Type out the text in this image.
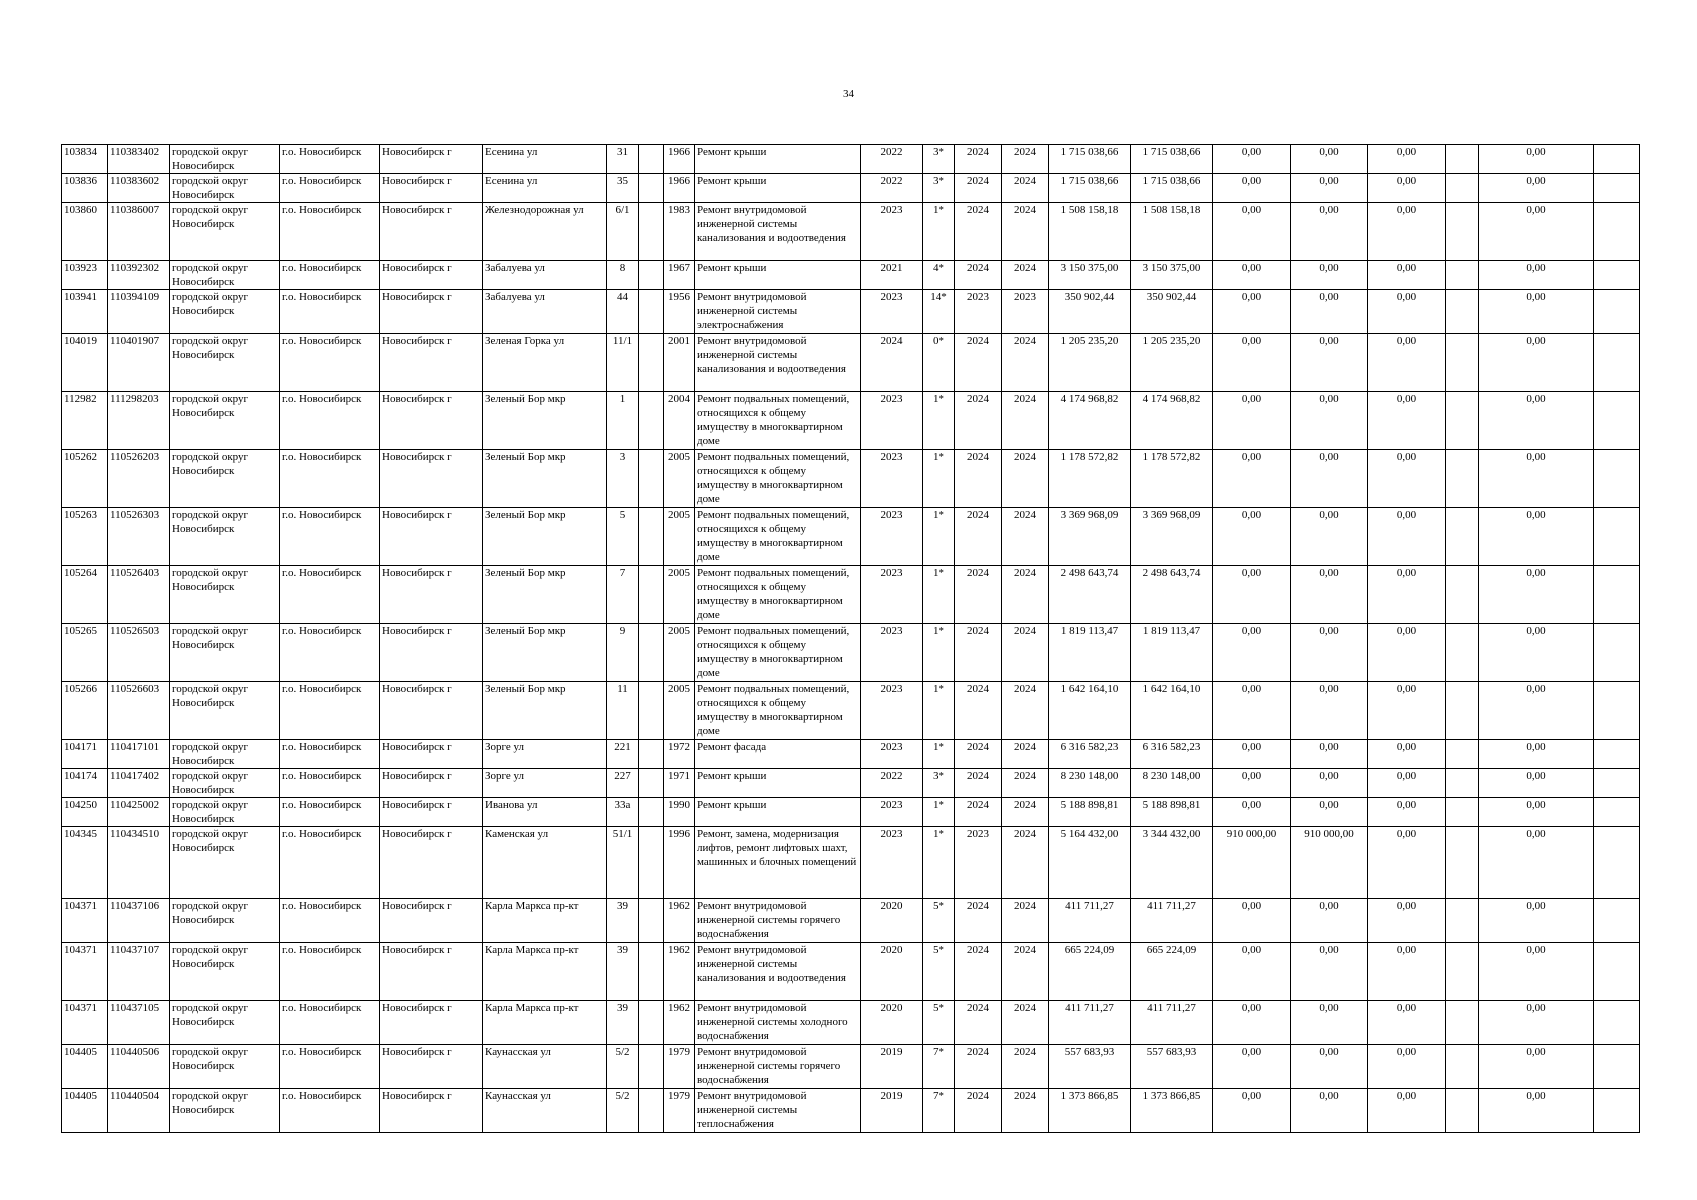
34
103834	110383402	городской округ Новосибирск	г.о. Новосибирск	Новосибирск г	Есенина ул	31		1966	Ремонт крыши	2022	3*	2024	2024	1 715 038,66	1 715 038,66	0,00	0,00	0,00		0,00	
103836	110383602	городской округ Новосибирск	г.о. Новосибирск	Новосибирск г	Есенина ул	35		1966	Ремонт крыши	2022	3*	2024	2024	1 715 038,66	1 715 038,66	0,00	0,00	0,00		0,00	
103860	110386007	городской округ Новосибирск	г.о. Новосибирск	Новосибирск г	Железнодорожная ул	6/1		1983	Ремонт внутридомовой инженерной системы канализования и водоотведения	2023	1*	2024	2024	1 508 158,18	1 508 158,18	0,00	0,00	0,00		0,00	
103923	110392302	городской округ Новосибирск	г.о. Новосибирск	Новосибирск г	Забалуева ул	8		1967	Ремонт крыши	2021	4*	2024	2024	3 150 375,00	3 150 375,00	0,00	0,00	0,00		0,00	
103941	110394109	городской округ Новосибирск	г.о. Новосибирск	Новосибирск г	Забалуева ул	44		1956	Ремонт внутридомовой инженерной системы электроснабжения	2023	14*	2023	2023	350 902,44	350 902,44	0,00	0,00	0,00		0,00	
104019	110401907	городской округ Новосибирск	г.о. Новосибирск	Новосибирск г	Зеленая Горка ул	11/1		2001	Ремонт внутридомовой инженерной системы канализования и водоотведения	2024	0*	2024	2024	1 205 235,20	1 205 235,20	0,00	0,00	0,00		0,00	
112982	111298203	городской округ Новосибирск	г.о. Новосибирск	Новосибирск г	Зеленый Бор мкр	1		2004	Ремонт подвальных помещений, относящихся к общему имуществу в многоквартирном доме	2023	1*	2024	2024	4 174 968,82	4 174 968,82	0,00	0,00	0,00		0,00	
105262	110526203	городской округ Новосибирск	г.о. Новосибирск	Новосибирск г	Зеленый Бор мкр	3		2005	Ремонт подвальных помещений, относящихся к общему имуществу в многоквартирном доме	2023	1*	2024	2024	1 178 572,82	1 178 572,82	0,00	0,00	0,00		0,00	
105263	110526303	городской округ Новосибирск	г.о. Новосибирск	Новосибирск г	Зеленый Бор мкр	5		2005	Ремонт подвальных помещений, относящихся к общему имуществу в многоквартирном доме	2023	1*	2024	2024	3 369 968,09	3 369 968,09	0,00	0,00	0,00		0,00	
105264	110526403	городской округ Новосибирск	г.о. Новосибирск	Новосибирск г	Зеленый Бор мкр	7		2005	Ремонт подвальных помещений, относящихся к общему имуществу в многоквартирном доме	2023	1*	2024	2024	2 498 643,74	2 498 643,74	0,00	0,00	0,00		0,00	
105265	110526503	городской округ Новосибирск	г.о. Новосибирск	Новосибирск г	Зеленый Бор мкр	9		2005	Ремонт подвальных помещений, относящихся к общему имуществу в многоквартирном доме	2023	1*	2024	2024	1 819 113,47	1 819 113,47	0,00	0,00	0,00		0,00	
105266	110526603	городской округ Новосибирск	г.о. Новосибирск	Новосибирск г	Зеленый Бор мкр	11		2005	Ремонт подвальных помещений, относящихся к общему имуществу в многоквартирном доме	2023	1*	2024	2024	1 642 164,10	1 642 164,10	0,00	0,00	0,00		0,00	
104171	110417101	городской округ Новосибирск	г.о. Новосибирск	Новосибирск г	Зорге ул	221		1972	Ремонт фасада	2023	1*	2024	2024	6 316 582,23	6 316 582,23	0,00	0,00	0,00		0,00	
104174	110417402	городской округ Новосибирск	г.о. Новосибирск	Новосибирск г	Зорге ул	227		1971	Ремонт крыши	2022	3*	2024	2024	8 230 148,00	8 230 148,00	0,00	0,00	0,00		0,00	
104250	110425002	городской округ Новосибирск	г.о. Новосибирск	Новосибирск г	Иванова ул	33а		1990	Ремонт крыши	2023	1*	2024	2024	5 188 898,81	5 188 898,81	0,00	0,00	0,00		0,00	
104345	110434510	городской округ Новосибирск	г.о. Новосибирск	Новосибирск г	Каменская ул	51/1		1996	Ремонт, замена, модернизация лифтов, ремонт лифтовых шахт, машинных и блочных помещений	2023	1*	2023	2024	5 164 432,00	3 344 432,00	910 000,00	910 000,00	0,00		0,00	
104371	110437106	городской округ Новосибирск	г.о. Новосибирск	Новосибирск г	Карла Маркса пр-кт	39		1962	Ремонт внутридомовой инженерной системы горячего водоснабжения	2020	5*	2024	2024	411 711,27	411 711,27	0,00	0,00	0,00		0,00	
104371	110437107	городской округ Новосибирск	г.о. Новосибирск	Новосибирск г	Карла Маркса пр-кт	39		1962	Ремонт внутридомовой инженерной системы канализования и водоотведения	2020	5*	2024	2024	665 224,09	665 224,09	0,00	0,00	0,00		0,00	
104371	110437105	городской округ Новосибирск	г.о. Новосибирск	Новосибирск г	Карла Маркса пр-кт	39		1962	Ремонт внутридомовой инженерной системы холодного водоснабжения	2020	5*	2024	2024	411 711,27	411 711,27	0,00	0,00	0,00		0,00	
104405	110440506	городской округ Новосибирск	г.о. Новосибирск	Новосибирск г	Каунасская ул	5/2		1979	Ремонт внутридомовой инженерной системы горячего водоснабжения	2019	7*	2024	2024	557 683,93	557 683,93	0,00	0,00	0,00		0,00	
104405	110440504	городской округ Новосибирск	г.о. Новосибирск	Новосибирск г	Каунасская ул	5/2		1979	Ремонт внутридомовой инженерной системы теплоснабжения	2019	7*	2024	2024	1 373 866,85	1 373 866,85	0,00	0,00	0,00		0,00	
